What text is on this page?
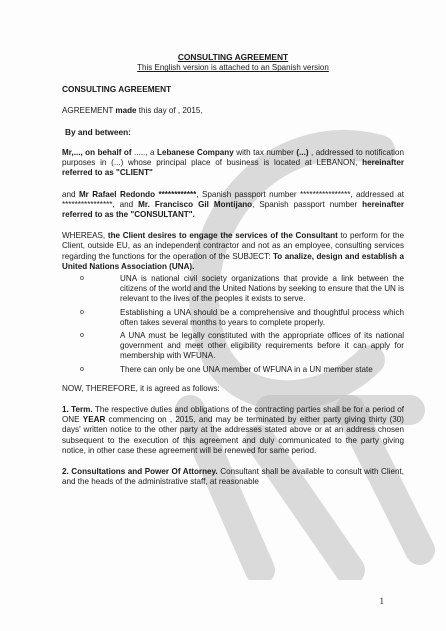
CONSULTING AGREEMENT

This English version is attached to an Spanish version

CONSULTING AGREEMENT

AGREEMENT made this day of , 2015,

By and between:

Mr,..., on behalf of ....., a Lebanese Company with tax number (...) , addressed to notification purposes in (...) whose principal place of business is located at LEBANON, hereinafter referred to as "CLIENT"

and Mr Rafael Redondo ************, Spanish passport number ****************, addressed at ****************, and Mr. Francisco Gil Montijano, Spanish passport number hereinafter referred to as the "CONSULTANT".

WHEREAS, the Client desires to engage the services of the Consultant to perform for the Client, outside EU, as an independent contractor and not as an employee, consulting services regarding the functions for the operation of the SUBJECT: To analize, design and establish a United Nations Association (UNA).

o	UNA is national civil society organizations that provide a link between the citizens of the world and the United Nations by seeking to ensure that the UN is relevant to the lives of the peoples it exists to serve.
o	Establishing a UNA should be a comprehensive and thoughtful process which often takes several months to years to complete properly.
o	A UNA must be legally constituted with the appropriate offices of its national government and meet other eligibility requirements before it can apply for membership with WFUNA.
o	There can only be one UNA member of WFUNA in a UN member state

NOW, THEREFORE, it is agreed as follows:

1. Term. The respective duties and obligations of the contracting parties shall be for a period of ONE YEAR commencing on , 2015, and may be terminated by either party giving thirty (30) days' written notice to the other party at the addresses stated above or at an address chosen subsequent to the execution of this agreement and duly communicated to the party giving notice, in other case these agreement will be renewed for same period.

2. Consultations and Power Of Attorney. Consultant shall be available to consult with Client, and the heads of the administrative staff, at reasonable

1
